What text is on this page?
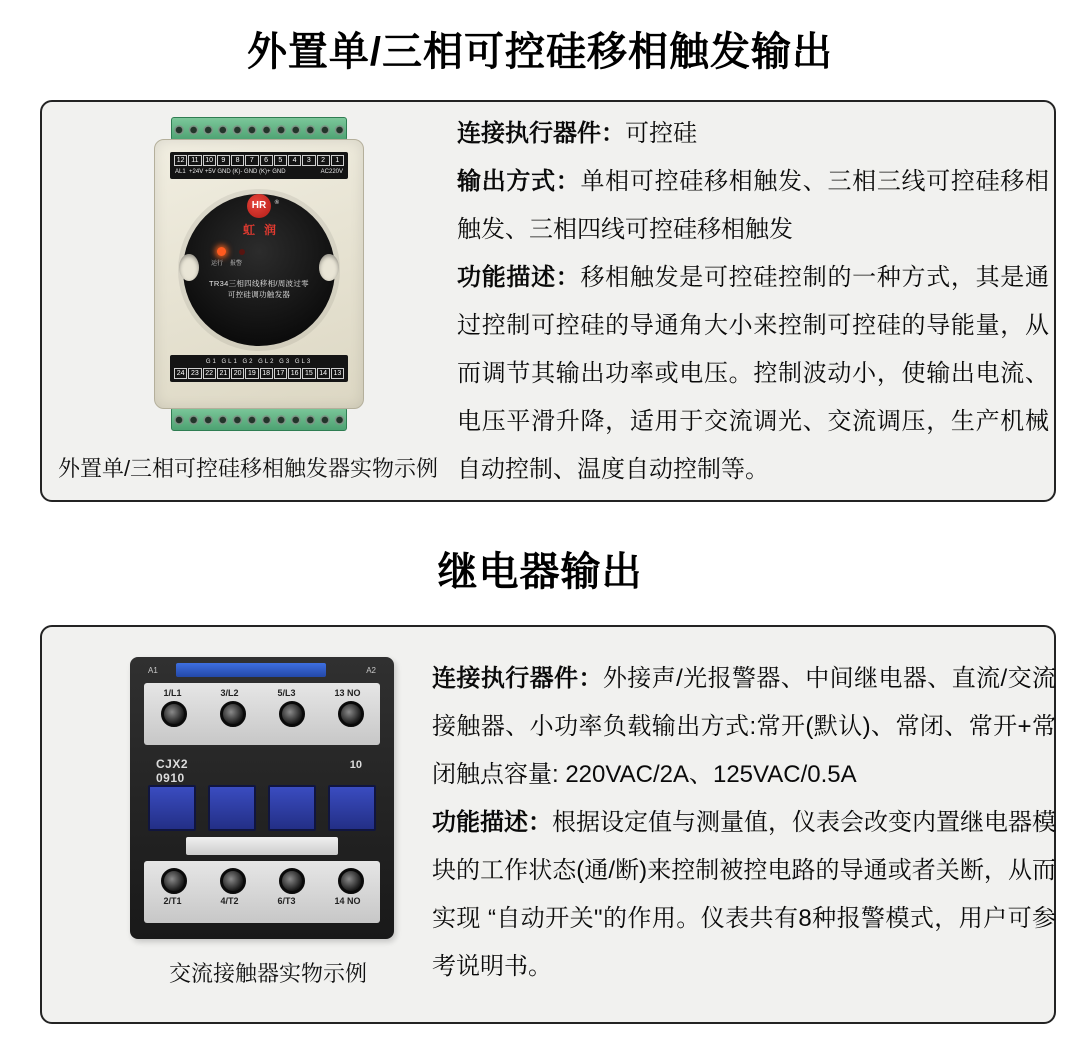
外置单/三相可控硅移相触发输出
12 11 10	9	8	7	6	5	4	3	2	1
AL1  +24V +5V GND (K)- GND (K)+ GND	AC220V
HR ®
虹润
运行 报警
TR34三相四线移相/周波过零
可控硅调功触发器
G1 GL1 G2 GL2 G3 GL3
24 23 22 21 20 19 18 17 16 15 14 13
外置单/三相可控硅移相触发器实物示例

连接执行器件：可控硅

输出方式：单相可控硅移相触发、三相三线可控硅移相触发、三相四线可控硅移相触发

功能描述：移相触发是可控硅控制的一种方式，其是通过控制可控硅的导通角大小来控制可控硅的导能量，从而调节其输出功率或电压。控制波动小，使输出电流、电压平滑升降，适用于交流调光、交流调压，生产机械自动控制、温度自动控制等。

继电器输出
A1	A2
1/L1	3/L2	5/L3	13 NO
CJX2
0910
10
2/T1	4/T2	6/T3	14 NO
交流接触器实物示例

连接执行器件：外接声/光报警器、中间继电器、直流/交流接触器、小功率负载输出方式:常开(默认)、常闭、常开+常闭触点容量: 220VAC/2A、125VAC/0.5A

功能描述：根据设定值与测量值，仪表会改变内置继电器模块的工作状态(通/断)来控制被控电路的导通或者关断，从而实现 “自动开关"的作用。仪表共有8种报警模式，用户可参考说明书。
